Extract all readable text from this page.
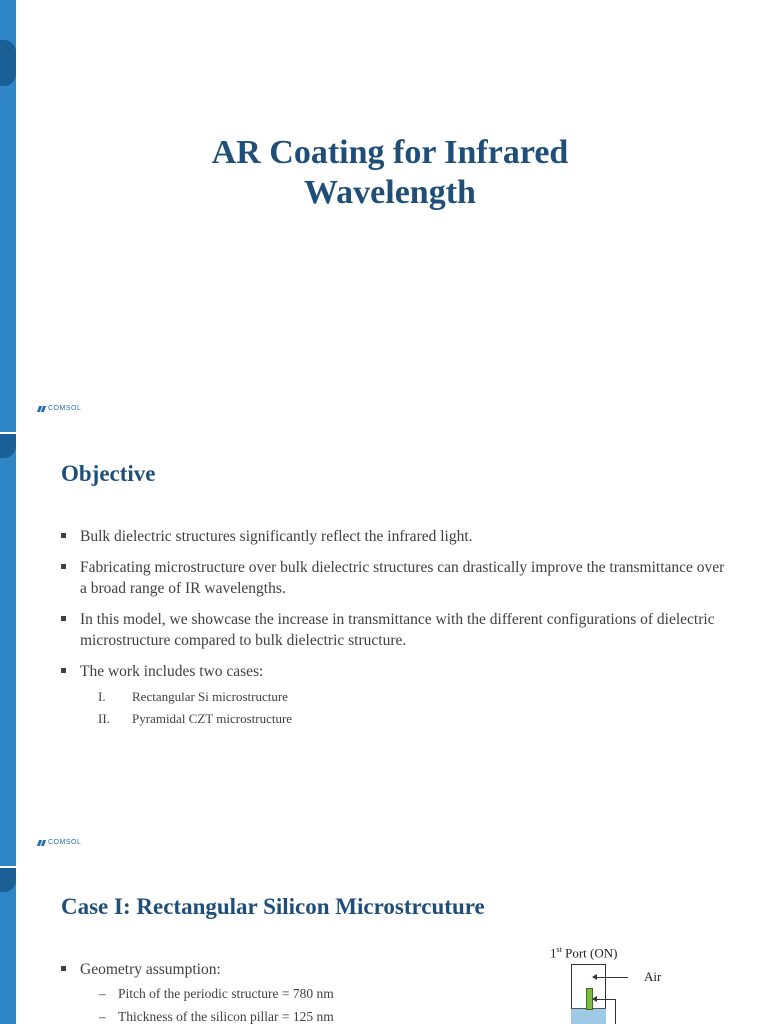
AR Coating for Infrared
Wavelength
COMSOL
Objective
Bulk dielectric structures significantly reflect the infrared light.
Fabricating microstructure over bulk dielectric structures can drastically improve the transmittance over a broad range of IR wavelengths.
In this model, we showcase the increase in transmittance with the different configurations of dielectric microstructure compared to bulk dielectric structure.
The work includes two cases:
I.	Rectangular Si microstructure
II.	Pyramidal CZT microstructure
COMSOL
Case I: Rectangular Silicon Microstrcuture
Geometry assumption:
– Pitch of the periodic structure = 780 nm
– Thickness of the silicon pillar = 125 nm
1st Port (ON)
Air
